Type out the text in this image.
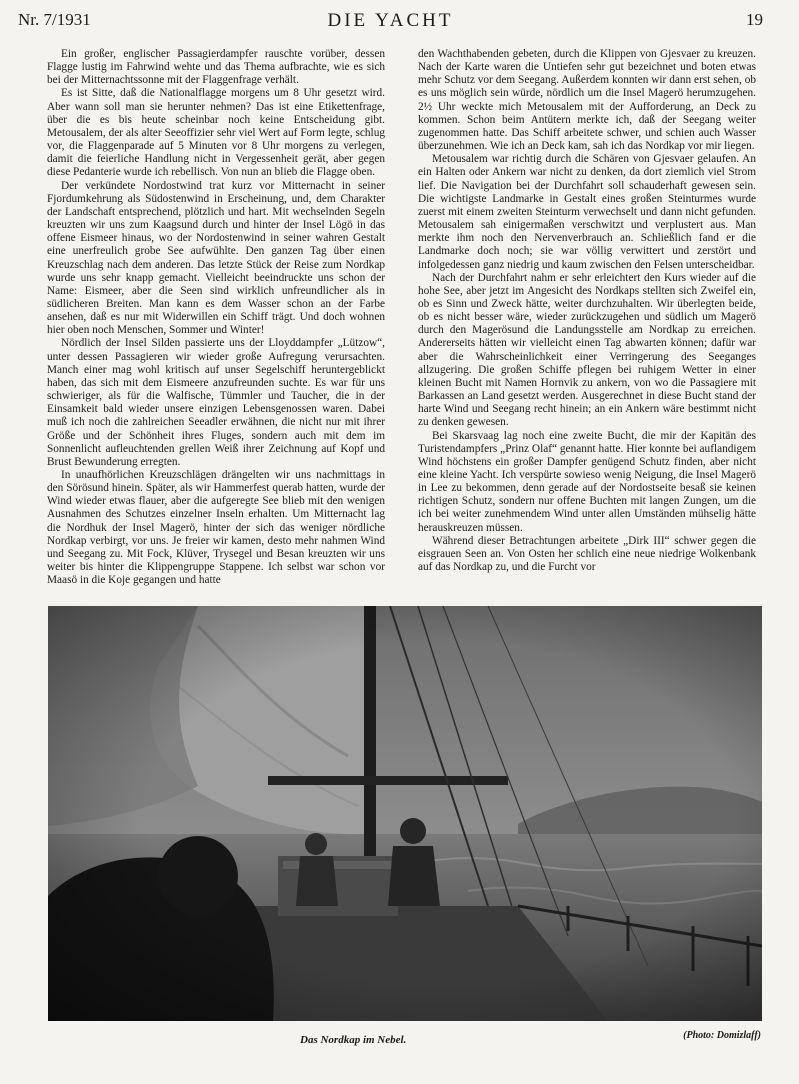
Nr. 7/1931	DIE YACHT	19

Ein großer, englischer Passagierdampfer rauschte vorüber, dessen Flagge lustig im Fahrwind wehte und das Thema aufbrachte, wie es sich bei der Mitternachtssonne mit der Flaggenfrage verhält.

Es ist Sitte, daß die Nationalflagge morgens um 8 Uhr gesetzt wird. Aber wann soll man sie herunter nehmen? Das ist eine Etikettenfrage, über die es bis heute scheinbar noch keine Entscheidung gibt. Metousalem, der als alter Seeoffizier sehr viel Wert auf Form legte, schlug vor, die Flaggenparade auf 5 Minuten vor 8 Uhr morgens zu verlegen, damit die feierliche Handlung nicht in Vergessenheit gerät, aber gegen diese Pedanterie wurde ich rebellisch. Von nun an blieb die Flagge oben.

Der verkündete Nordostwind trat kurz vor Mitternacht in seiner Fjordumkehrung als Südostenwind in Erscheinung, und, dem Charakter der Landschaft entsprechend, plötzlich und hart. Mit wechselnden Segeln kreuzten wir uns zum Kaagsund durch und hinter der Insel Lögö in das offene Eismeer hinaus, wo der Nordostenwind in seiner wahren Gestalt eine unerfreulich grobe See aufwühlte. Den ganzen Tag über einen Kreuzschlag nach dem anderen. Das letzte Stück der Reise zum Nordkap wurde uns sehr knapp gemacht. Vielleicht beeindruckte uns schon der Name: Eismeer, aber die Seen sind wirklich unfreundlicher als in südlicheren Breiten. Man kann es dem Wasser schon an der Farbe ansehen, daß es nur mit Widerwillen ein Schiff trägt. Und doch wohnen hier oben noch Menschen, Sommer und Winter!

Nördlich der Insel Silden passierte uns der Lloyddampfer „Lützow“, unter dessen Passagieren wir wieder große Aufregung verursachten. Manch einer mag wohl kritisch auf unser Segelschiff heruntergeblickt haben, das sich mit dem Eismeere anzufreunden suchte. Es war für uns schwieriger, als für die Walfische, Tümmler und Taucher, die in der Einsamkeit bald wieder unsere einzigen Lebensgenossen waren. Dabei muß ich noch die zahlreichen Seeadler erwähnen, die nicht nur mit ihrer Größe und der Schönheit ihres Fluges, sondern auch mit dem im Sonnenlicht aufleuchtenden grellen Weiß ihrer Zeichnung auf Kopf und Brust Bewunderung erregten.

In unaufhörlichen Kreuzschlägen drängelten wir uns nachmittags in den Sörösund hinein. Später, als wir Hammerfest querab hatten, wurde der Wind wieder etwas flauer, aber die aufgeregte See blieb mit den wenigen Ausnahmen des Schutzes einzelner Inseln erhalten. Um Mitternacht lag die Nordhuk der Insel Magerö, hinter der sich das weniger nördliche Nordkap verbirgt, vor uns. Je freier wir kamen, desto mehr nahmen Wind und Seegang zu. Mit Fock, Klüver, Trysegel und Besan kreuzten wir uns weiter bis hinter die Klippengruppe Stappene. Ich selbst war schon vor Maasö in die Koje gegangen und hatte

den Wachthabenden gebeten, durch die Klippen von Gjesvaer zu kreuzen. Nach der Karte waren die Untiefen sehr gut bezeichnet und boten etwas mehr Schutz vor dem Seegang. Außerdem konnten wir dann erst sehen, ob es uns möglich sein würde, nördlich um die Insel Magerö herumzugehen. 2½ Uhr weckte mich Metousalem mit der Aufforderung, an Deck zu kommen. Schon beim Antütern merkte ich, daß der Seegang weiter zugenommen hatte. Das Schiff arbeitete schwer, und schien auch Wasser überzunehmen. Wie ich an Deck kam, sah ich das Nordkap vor mir liegen.

Metousalem war richtig durch die Schären von Gjesvaer gelaufen. An ein Halten oder Ankern war nicht zu denken, da dort ziemlich viel Strom lief. Die Navigation bei der Durchfahrt soll schauderhaft gewesen sein. Die wichtigste Landmarke in Gestalt eines großen Steinturmes wurde zuerst mit einem zweiten Steinturm verwechselt und dann nicht gefunden. Metousalem sah einigermaßen verschwitzt und verplustert aus. Man merkte ihm noch den Nervenverbrauch an. Schließlich fand er die Landmarke doch noch; sie war völlig verwittert und zerstört und infolgedessen ganz niedrig und kaum zwischen den Felsen unterscheidbar.

Nach der Durchfahrt nahm er sehr erleichtert den Kurs wieder auf die hohe See, aber jetzt im Angesicht des Nordkaps stellten sich Zweifel ein, ob es Sinn und Zweck hätte, weiter durchzuhalten. Wir überlegten beide, ob es nicht besser wäre, wieder zurückzugehen und südlich um Magerö durch den Magerösund die Landungsstelle am Nordkap zu erreichen. Andererseits hätten wir vielleicht einen Tag abwarten können; dafür war aber die Wahrscheinlichkeit einer Verringerung des Seeganges allzugering. Die großen Schiffe pflegen bei ruhigem Wetter in einer kleinen Bucht mit Namen Hornvik zu ankern, von wo die Passagiere mit Barkassen an Land gesetzt werden. Ausgerechnet in diese Bucht stand der harte Wind und Seegang recht hinein; an ein Ankern wäre bestimmt nicht zu denken gewesen.

Bei Skarsvaag lag noch eine zweite Bucht, die mir der Kapitän des Turistendampfers „Prinz Olaf“ genannt hatte. Hier konnte bei auflandigem Wind höchstens ein großer Dampfer genügend Schutz finden, aber nicht eine kleine Yacht. Ich verspürte sowieso wenig Neigung, die Insel Magerö in Lee zu bekommen, denn gerade auf der Nordostseite besaß sie keinen richtigen Schutz, sondern nur offene Buchten mit langen Zungen, um die ich bei weiter zunehmendem Wind unter allen Umständen mühselig hätte herauskreuzen müssen.

Während dieser Betrachtungen arbeitete „Dirk III“ schwer gegen die eisgrauen Seen an. Von Osten her schlich eine neue niedrige Wolkenbank auf das Nordkap zu, und die Furcht vor

Das Nordkap im Nebel.	(Photo: Domizlaff)
